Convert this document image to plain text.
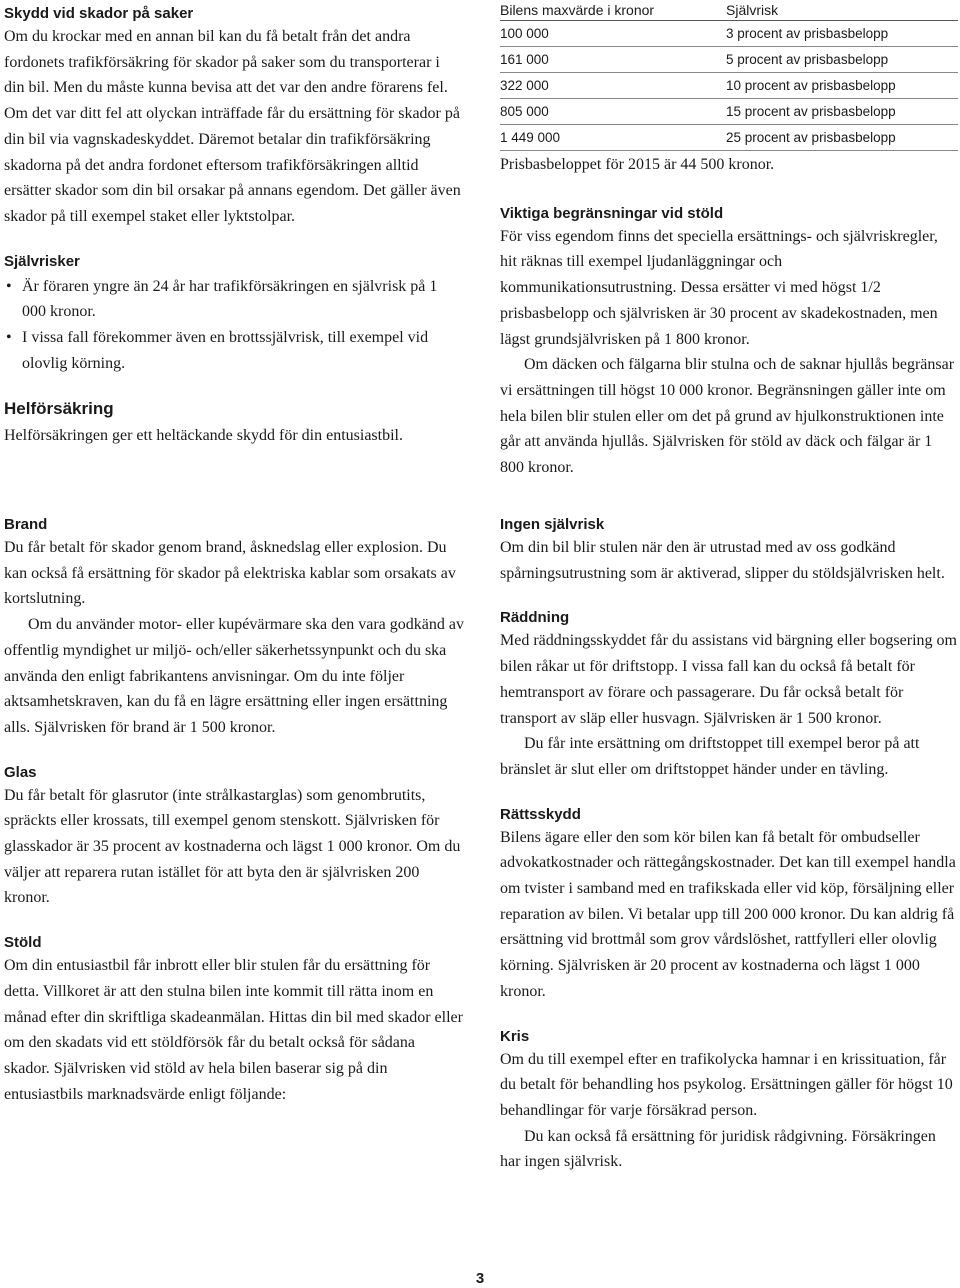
Skydd vid skador på saker

Om du krockar med en annan bil kan du få betalt från det andra fordonets trafikförsäkring för skador på saker som du transporterar i din bil. Men du måste kunna bevisa att det var den andre förarens fel. Om det var ditt fel att olyckan inträffade får du ersättning för skador på din bil via vagnskadeskyddet. Däremot betalar din trafikförsäkring skadorna på det andra fordonet eftersom trafikförsäkringen alltid ersätter skador som din bil orsakar på annans egendom. Det gäller även skador på till exempel staket eller lyktstolpar.

Självrisker
• Är föraren yngre än 24 år har trafikförsäkringen en självrisk på 1 000 kronor.
• I vissa fall förekommer även en brottssjälvrisk, till exempel vid olovlig körning.
Helförsäkring

Helförsäkringen ger ett heltäckande skydd för din entusiastbil.

Brand

Du får betalt för skador genom brand, åsknedslag eller explosion. Du kan också få ersättning för skador på elektriska kablar som orsakats av kortslutning.

Om du använder motor- eller kupévärmare ska den vara godkänd av offentlig myndighet ur miljö- och/eller säkerhetssynpunkt och du ska använda den enligt fabrikantens anvisningar. Om du inte följer aktsamhetskraven, kan du få en lägre ersättning eller ingen ersättning alls. Självrisken för brand är 1 500 kronor.

Glas

Du får betalt för glasrutor (inte strålkastarglas) som genombrutits, spräckts eller krossats, till exempel genom stenskott. Självrisken för glasskador är 35 procent av kostnaderna och lägst 1 000 kronor. Om du väljer att reparera rutan istället för att byta den är självrisken 200 kronor.

Stöld

Om din entusiastbil får inbrott eller blir stulen får du ersättning för detta. Villkoret är att den stulna bilen inte kommit till rätta inom en månad efter din skriftliga skadeanmälan. Hittas din bil med skador eller om den skadats vid ett stöldförsök får du betalt också för sådana skador. Självrisken vid stöld av hela bilen baserar sig på din entusiastbils marknadsvärde enligt följande:

Bilens maxvärde i kronor	Självrisk
100 000	3 procent av prisbasbelopp
161 000	5 procent av prisbasbelopp
322 000	10 procent av prisbasbelopp
805 000	15 procent av prisbasbelopp
1 449 000	25 procent av prisbasbelopp

Prisbasbeloppet för 2015 är 44 500 kronor.

Viktiga begränsningar vid stöld

För viss egendom finns det speciella ersättnings- och självriskregler, hit räknas till exempel ljudanläggningar och kommunikationsutrustning. Dessa ersätter vi med högst 1/2 prisbasbelopp och självrisken är 30 procent av skadekostnaden, men lägst grundsjälvrisken på 1 800 kronor.

Om däcken och fälgarna blir stulna och de saknar hjullås begränsar vi ersättningen till högst 10 000 kronor. Begränsningen gäller inte om hela bilen blir stulen eller om det på grund av hjulkonstruktionen inte går att använda hjullås. Självrisken för stöld av däck och fälgar är 1 800 kronor.

Ingen självrisk

Om din bil blir stulen när den är utrustad med av oss godkänd spårningsutrustning som är aktiverad, slipper du stöldsjälvrisken helt.

Räddning

Med räddningsskyddet får du assistans vid bärgning eller bogsering om bilen råkar ut för driftstopp. I vissa fall kan du också få betalt för hemtransport av förare och passagerare. Du får också betalt för transport av släp eller husvagn. Självrisken är 1 500 kronor.

Du får inte ersättning om driftstoppet till exempel beror på att bränslet är slut eller om driftstoppet händer under en tävling.

Rättsskydd

Bilens ägare eller den som kör bilen kan få betalt för ombudseller advokatkostnader och rättegångskostnader. Det kan till exempel handla om tvister i samband med en trafikskada eller vid köp, försäljning eller reparation av bilen. Vi betalar upp till 200 000 kronor. Du kan aldrig få ersättning vid brottmål som grov vårdslöshet, rattfylleri eller olovlig körning. Självrisken är 20 procent av kostnaderna och lägst 1 000 kronor.

Kris

Om du till exempel efter en trafikolycka hamnar i en krissituation, får du betalt för behandling hos psykolog. Ersättningen gäller för högst 10 behandlingar för varje försäkrad person.

Du kan också få ersättning för juridisk rådgivning. Försäkringen har ingen självrisk.

3
